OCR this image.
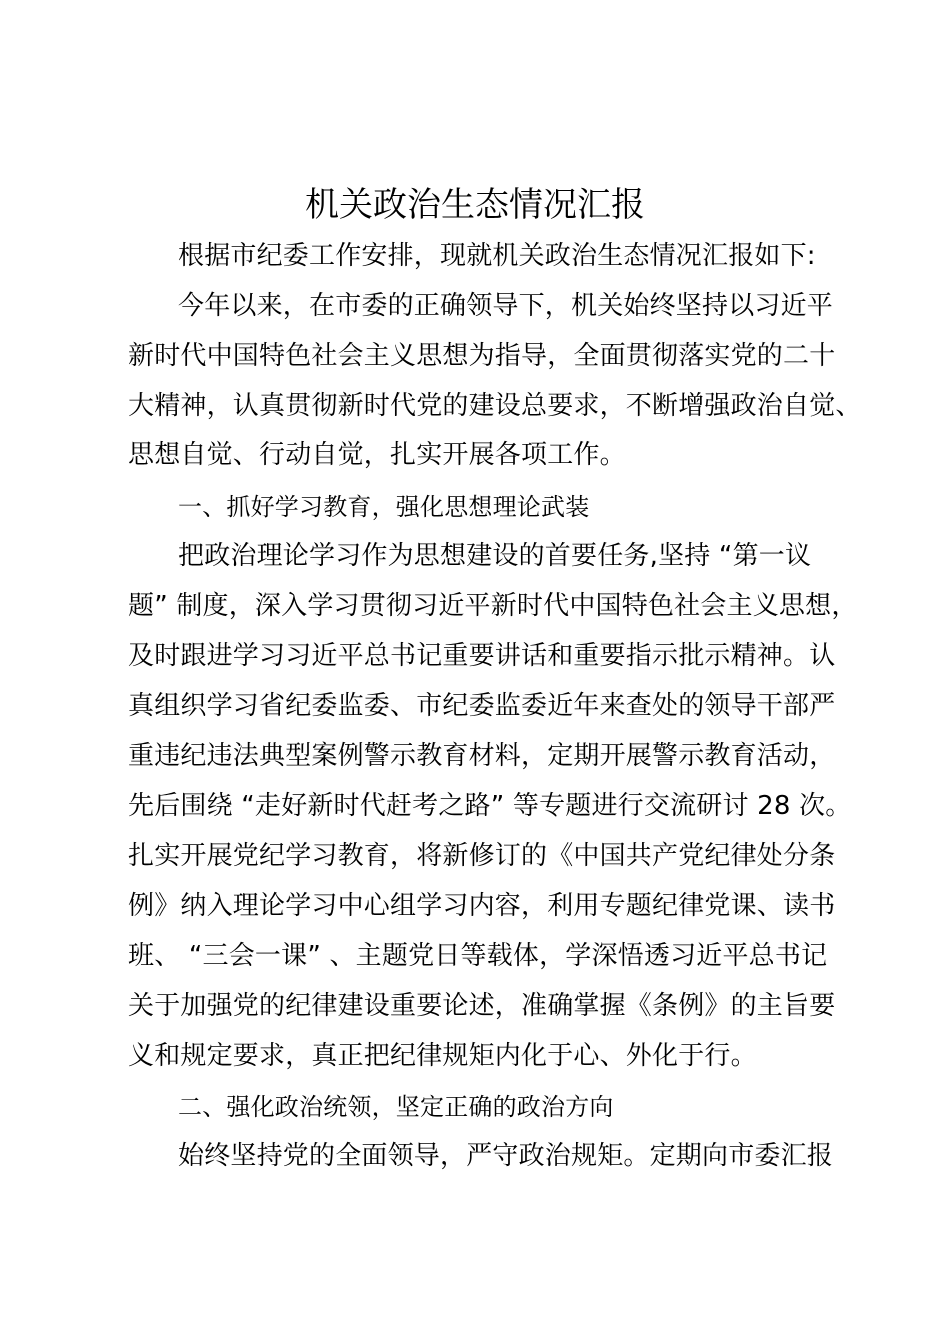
机关政治生态情况汇报
根据市纪委工作安排，现就机关政治生态情况汇报如下:
今年以来，在市委的正确领导下，机关始终坚持以习近平
新时代中国特色社会主义思想为指导，全面贯彻落实党的二十
大精神，认真贯彻新时代党的建设总要求，不断增强政治自觉、
思想自觉、行动自觉，扎实开展各项工作。
一、抓好学习教育，强化思想理论武装
把政治理论学习作为思想建设的首要任务,坚持 “第一议
题” 制度，深入学习贯彻习近平新时代中国特色社会主义思想，
及时跟进学习习近平总书记重要讲话和重要指示批示精神。认
真组织学习省纪委监委、市纪委监委近年来查处的领导干部严
重违纪违法典型案例警示教育材料，定期开展警示教育活动，
先后围绕 “走好新时代赶考之路” 等专题进行交流研讨 28 次。
扎实开展党纪学习教育，将新修订的《中国共产党纪律处分条
例》纳入理论学习中心组学习内容，利用专题纪律党课、读书
班、 “三会一课” 、主题党日等载体，学深悟透习近平总书记
关于加强党的纪律建设重要论述，准确掌握《条例》的主旨要
义和规定要求，真正把纪律规矩内化于心、外化于行。
二、强化政治统领，坚定正确的政治方向
始终坚持党的全面领导，严守政治规矩。定期向市委汇报
